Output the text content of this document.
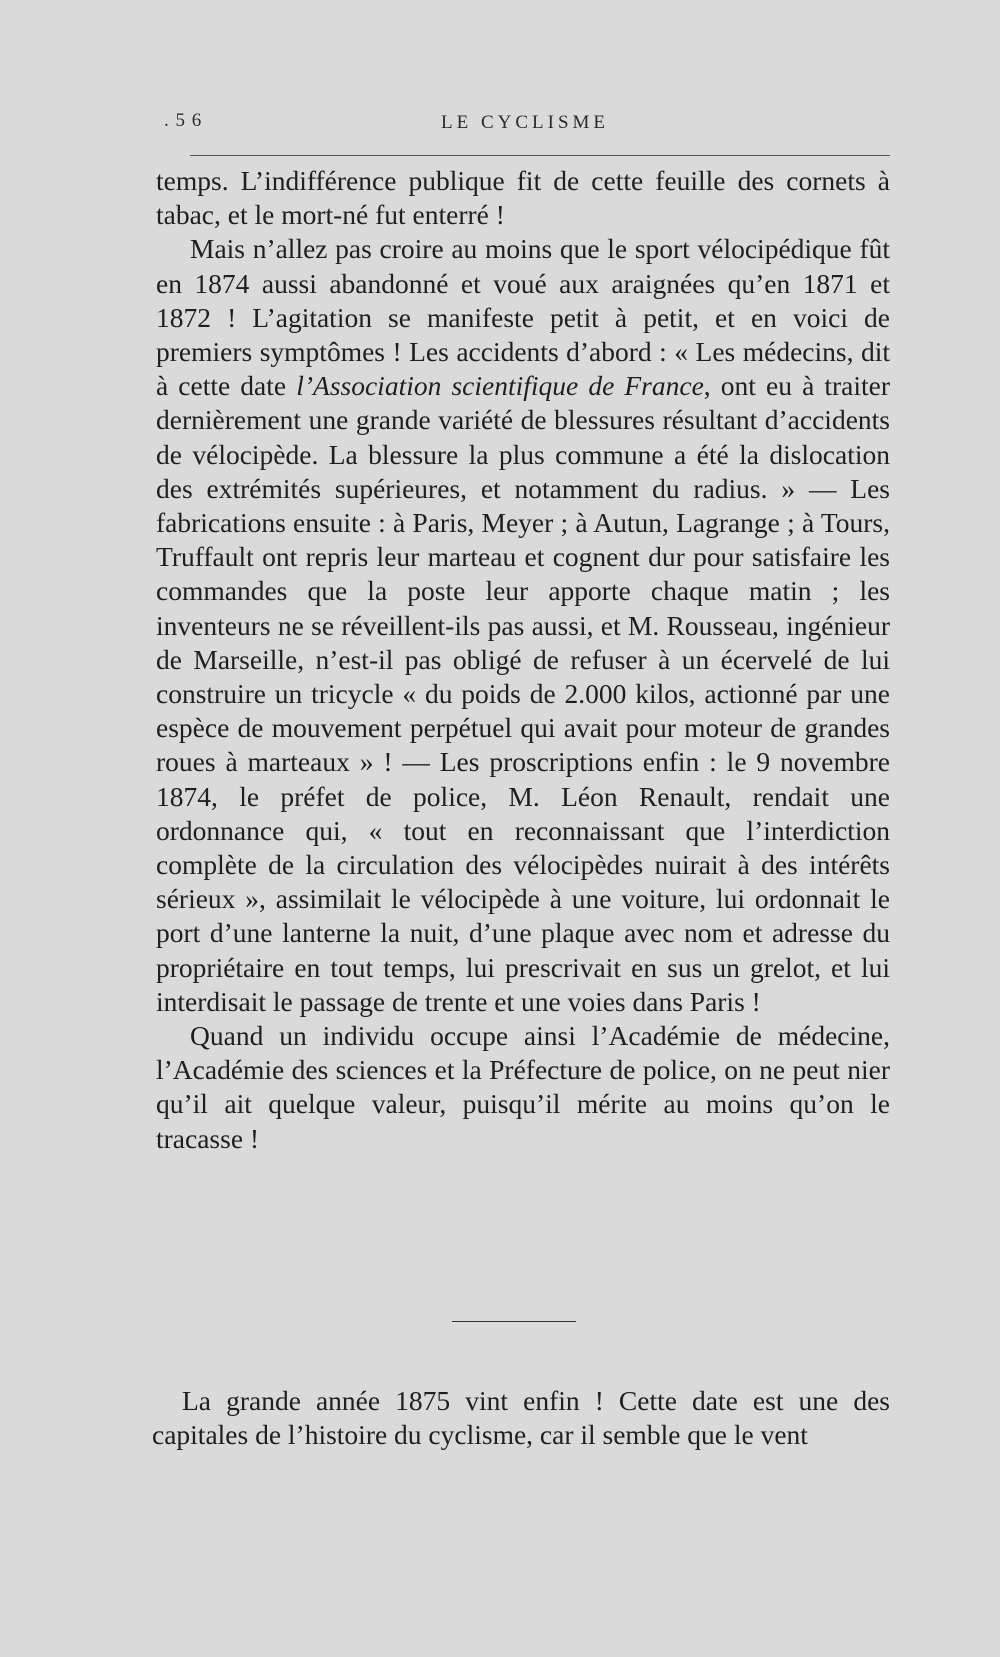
. 5 6	LE CYCLISME

temps. L’indifférence publique fit de cette feuille des cornets à tabac, et le mort-né fut enterré !

Mais n’allez pas croire au moins que le sport vélocipédique fût en 1874 aussi abandonné et voué aux araignées qu’en 1871 et 1872 ! L’agitation se manifeste petit à petit, et en voici de premiers symptômes ! Les accidents d’abord : « Les médecins, dit à cette date l’Association scientifique de France, ont eu à traiter dernièrement une grande variété de blessures résultant d’accidents de vélocipède. La blessure la plus commune a été la dislocation des extrémités supérieures, et notamment du radius. » — Les fabrications ensuite : à Paris, Meyer ; à Autun, Lagrange ; à Tours, Truffault ont repris leur marteau et cognent dur pour satisfaire les commandes que la poste leur apporte chaque matin ; les inventeurs ne se réveillent-ils pas aussi, et M. Rousseau, ingénieur de Marseille, n’est-il pas obligé de refuser à un écervelé de lui construire un tricycle « du poids de 2.000 kilos, actionné par une espèce de mouvement perpétuel qui avait pour moteur de grandes roues à marteaux » ! — Les proscriptions enfin : le 9 novembre 1874, le préfet de police, M. Léon Renault, rendait une ordonnance qui, « tout en reconnaissant que l’interdiction complète de la circulation des vélocipèdes nuirait à des intérêts sérieux », assimilait le vélocipède à une voiture, lui ordonnait le port d’une lanterne la nuit, d’une plaque avec nom et adresse du propriétaire en tout temps, lui prescrivait en sus un grelot, et lui interdisait le passage de trente et une voies dans Paris !

Quand un individu occupe ainsi l’Académie de médecine, l’Académie des sciences et la Préfecture de police, on ne peut nier qu’il ait quelque valeur, puisqu’il mérite au moins qu’on le tracasse !

La grande année 1875 vint enfin ! Cette date est une des capitales de l’histoire du cyclisme, car il semble que le vent
